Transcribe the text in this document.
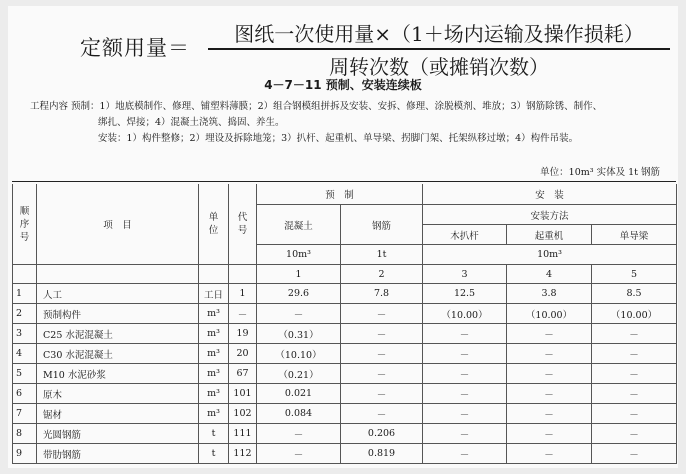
定额用量＝
图纸一次使用量×（1＋场内运输及操作损耗）
周转次数（或摊销次数）
4－7－11 预制、安装连续板

工程内容 预制：1）地底模制作、修理、铺塑料薄膜；2）组合钢模组拼拆及安装、安拆、修理、涂脱模剂、堆放；3）钢筋除锈、制作、

绑扎、焊接；4）混凝土浇筑、捣固、养生。

安装：1）构件整修；2）埋设及拆除地笼；3）扒杆、起重机、单导梁、拐脚门架、托架纵移过墩；4）构件吊装。

单位：10m³ 实体及 1t 钢筋
顺序号	项　目	单位	代号	预　制		安　装		
				混凝土	钢筋	安装方法		
						木扒杆	起重机	单导梁
				10m³	1t	10m³		
				1	2	3	4	5
1	人工	工日	1	29.6	7.8	12.5	3.8	8.5
2	预制构件	m³	－	－	－	（10.00）	（10.00）	（10.00）
3	C25 水泥混凝土	m³	19	（0.31）	－	－	－	－
4	C30 水泥混凝土	m³	20	（10.10）	－	－	－	－
5	M10 水泥砂浆	m³	67	（0.21）	－	－	－	－
6	原木	m³	101	0.021	－	－	－	－
7	锯材	m³	102	0.084	－	－	－	－
8	光圆钢筋	t	111	－	0.206	－	－	－
9	带肋钢筋	t	112	－	0.819	－	－	－
